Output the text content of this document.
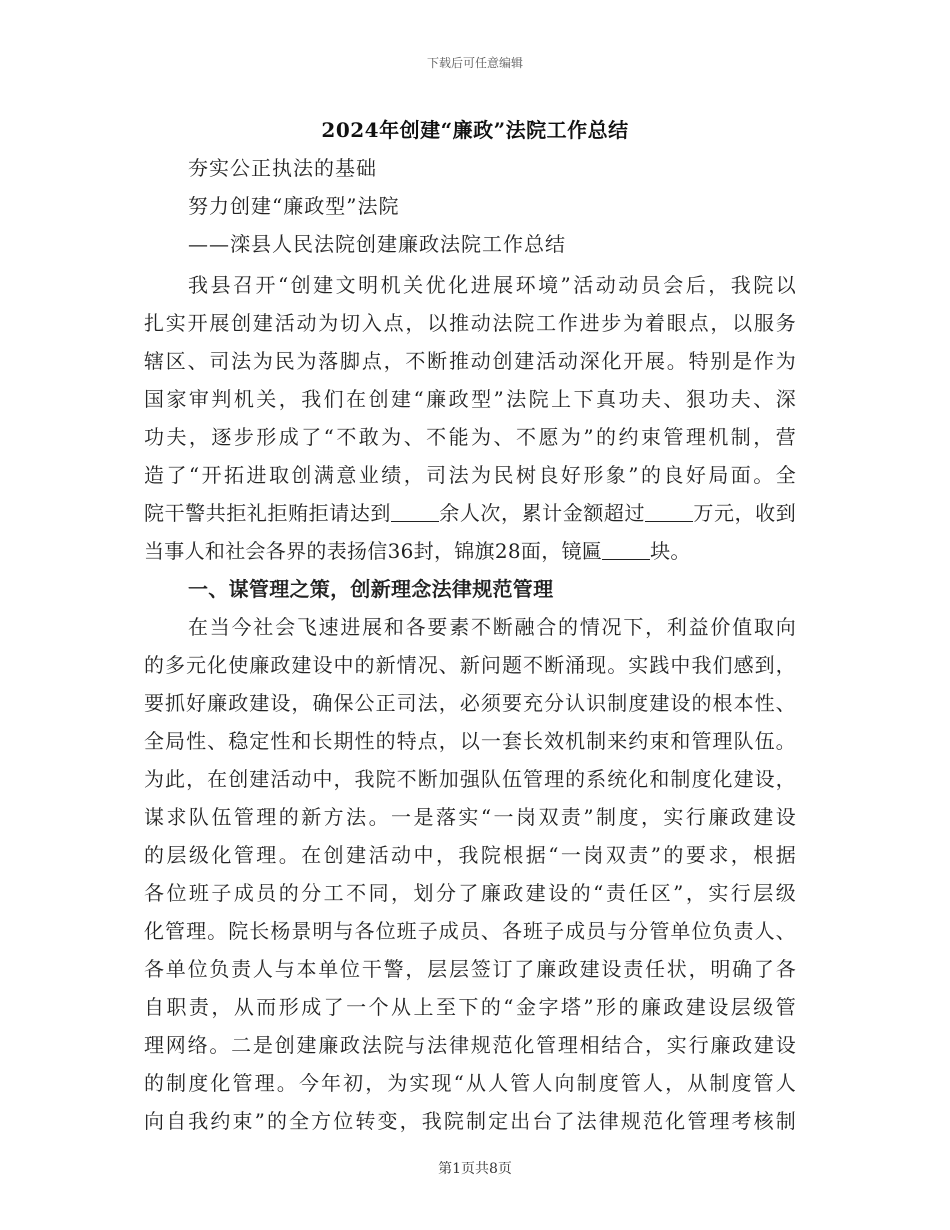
下载后可任意编辑
2024年创建“廉政”法院工作总结
夯实公正执法的基础
努力创建“廉政型”法院
——滦县人民法院创建廉政法院工作总结
我县召开“创建文明机关优化进展环境”活动动员会后，我院以
扎实开展创建活动为切入点，以推动法院工作进步为着眼点，以服务
辖区、司法为民为落脚点，不断推动创建活动深化开展。特别是作为
国家审判机关，我们在创建“廉政型”法院上下真功夫、狠功夫、深
功夫，逐步形成了“不敢为、不能为、不愿为”的约束管理机制，营
造了“开拓进取创满意业绩，司法为民树良好形象”的良好局面。全
院干警共拒礼拒贿拒请达到 余人次，累计金额超过 万元，收到
当事人和社会各界的表扬信36封，锦旗28面，镜匾 块。
一、谋管理之策，创新理念法律规范管理
在当今社会飞速进展和各要素不断融合的情况下，利益价值取向
的多元化使廉政建设中的新情况、新问题不断涌现。实践中我们感到，
要抓好廉政建设，确保公正司法，必须要充分认识制度建设的根本性、
全局性、稳定性和长期性的特点，以一套长效机制来约束和管理队伍。
为此，在创建活动中，我院不断加强队伍管理的系统化和制度化建设，
谋求队伍管理的新方法。一是落实“一岗双责”制度，实行廉政建设
的层级化管理。在创建活动中，我院根据“一岗双责”的要求，根据
各位班子成员的分工不同，划分了廉政建设的“责任区”，实行层级
化管理。院长杨景明与各位班子成员、各班子成员与分管单位负责人、
各单位负责人与本单位干警，层层签订了廉政建设责任状，明确了各
自职责，从而形成了一个从上至下的“金字塔”形的廉政建设层级管
理网络。二是创建廉政法院与法律规范化管理相结合，实行廉政建设
的制度化管理。今年初，为实现“从人管人向制度管人，从制度管人
向自我约束”的全方位转变，我院制定出台了法律规范化管理考核制
第1页共8页
